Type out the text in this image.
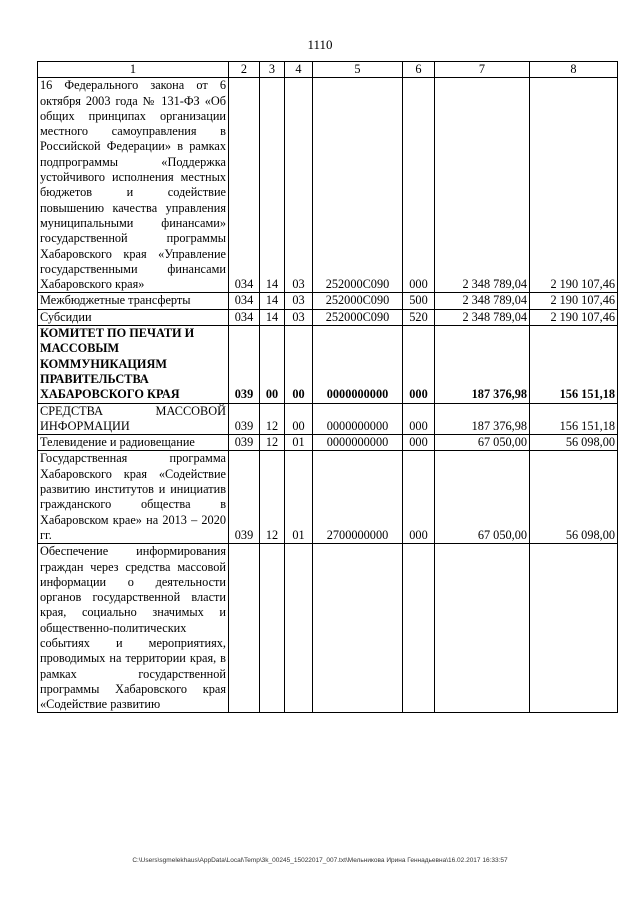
1110
1	2	3	4	5	6	7	8
16 Федерального закона от 6 октября 2003 года № 131-ФЗ «Об общих принципах организации местного самоуправления в Российской Федерации» в рамках подпрограммы «Поддержка устойчивого исполнения местных бюджетов и содействие повышению качества управления муниципальными финансами» государственной программы Хабаровского края «Управление государственными финансами Хабаровского края»	034	14	03	252000С090	000	2 348 789,04	2 190 107,46
Межбюджетные трансферты	034	14	03	252000С090	500	2 348 789,04	2 190 107,46
Субсидии	034	14	03	252000С090	520	2 348 789,04	2 190 107,46
КОМИТЕТ ПО ПЕЧАТИ И МАССОВЫМ КОММУНИКАЦИЯМ ПРАВИТЕЛЬСТВА ХАБАРОВСКОГО КРАЯ	039	00	00	0000000000	000	187 376,98	156 151,18
СРЕДСТВА МАССОВОЙ ИНФОРМАЦИИ	039	12	00	0000000000	000	187 376,98	156 151,18
Телевидение и радиовещание	039	12	01	0000000000	000	67 050,00	56 098,00
Государственная программа Хабаровского края «Содействие развитию институтов и инициатив гражданского общества в Хабаровском крае» на 2013 – 2020 гг.	039	12	01	2700000000	000	67 050,00	56 098,00
Обеспечение информирования граждан через средства массовой информации о деятельности органов государственной власти края, социально значимых и общественно-политических событиях и мероприятиях, проводимых на территории края, в рамках государственной программы Хабаровского края «Содействие развитию							
C:\Users\sgmelekhaus\AppData\Local\Temp\3k_00245_15022017_007.txt\Мельникова Ирина Геннадьевна\16.02.2017 16:33:57
